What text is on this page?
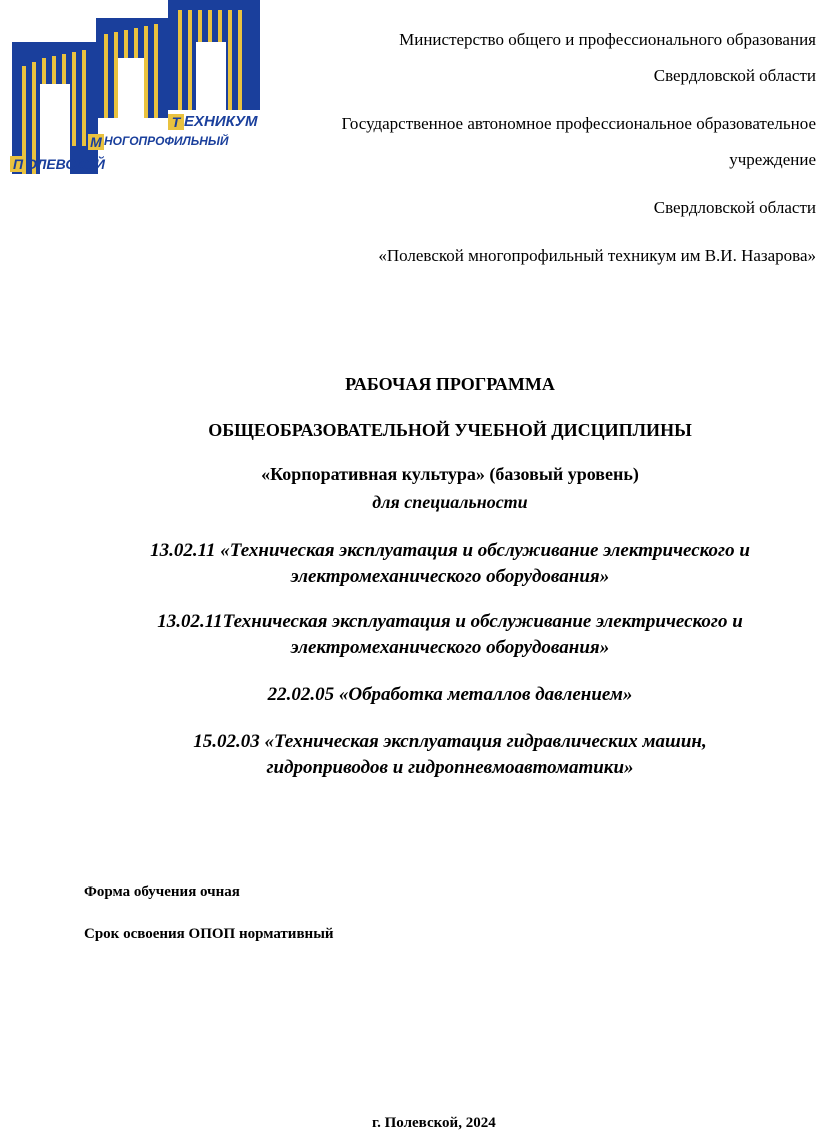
Т ЕХНИКУМ
М НОГОПРОФИЛЬНЫЙ
П ОЛЕВСКОЙ
Министерство общего и профессионального образования
Свердловской области
Государственное автономное профессиональное образовательное
учреждение
Свердловской области
«Полевской многопрофильный техникум им В.И. Назарова»
РАБОЧАЯ ПРОГРАММА
ОБЩЕОБРАЗОВАТЕЛЬНОЙ УЧЕБНОЙ ДИСЦИПЛИНЫ
«Корпоративная культура» (базовый уровень)
для специальности
13.02.11 «Техническая эксплуатация и обслуживание электрического и
электромеханического оборудования»
13.02.11Техническая эксплуатация и обслуживание электрического и
электромеханического оборудования»
22.02.05 «Обработка металлов давлением»
15.02.03 «Техническая эксплуатация гидравлических машин,
гидроприводов и гидропневмоавтоматики»
Форма обучения очная
Срок освоения ОПОП нормативный
г. Полевской, 2024
